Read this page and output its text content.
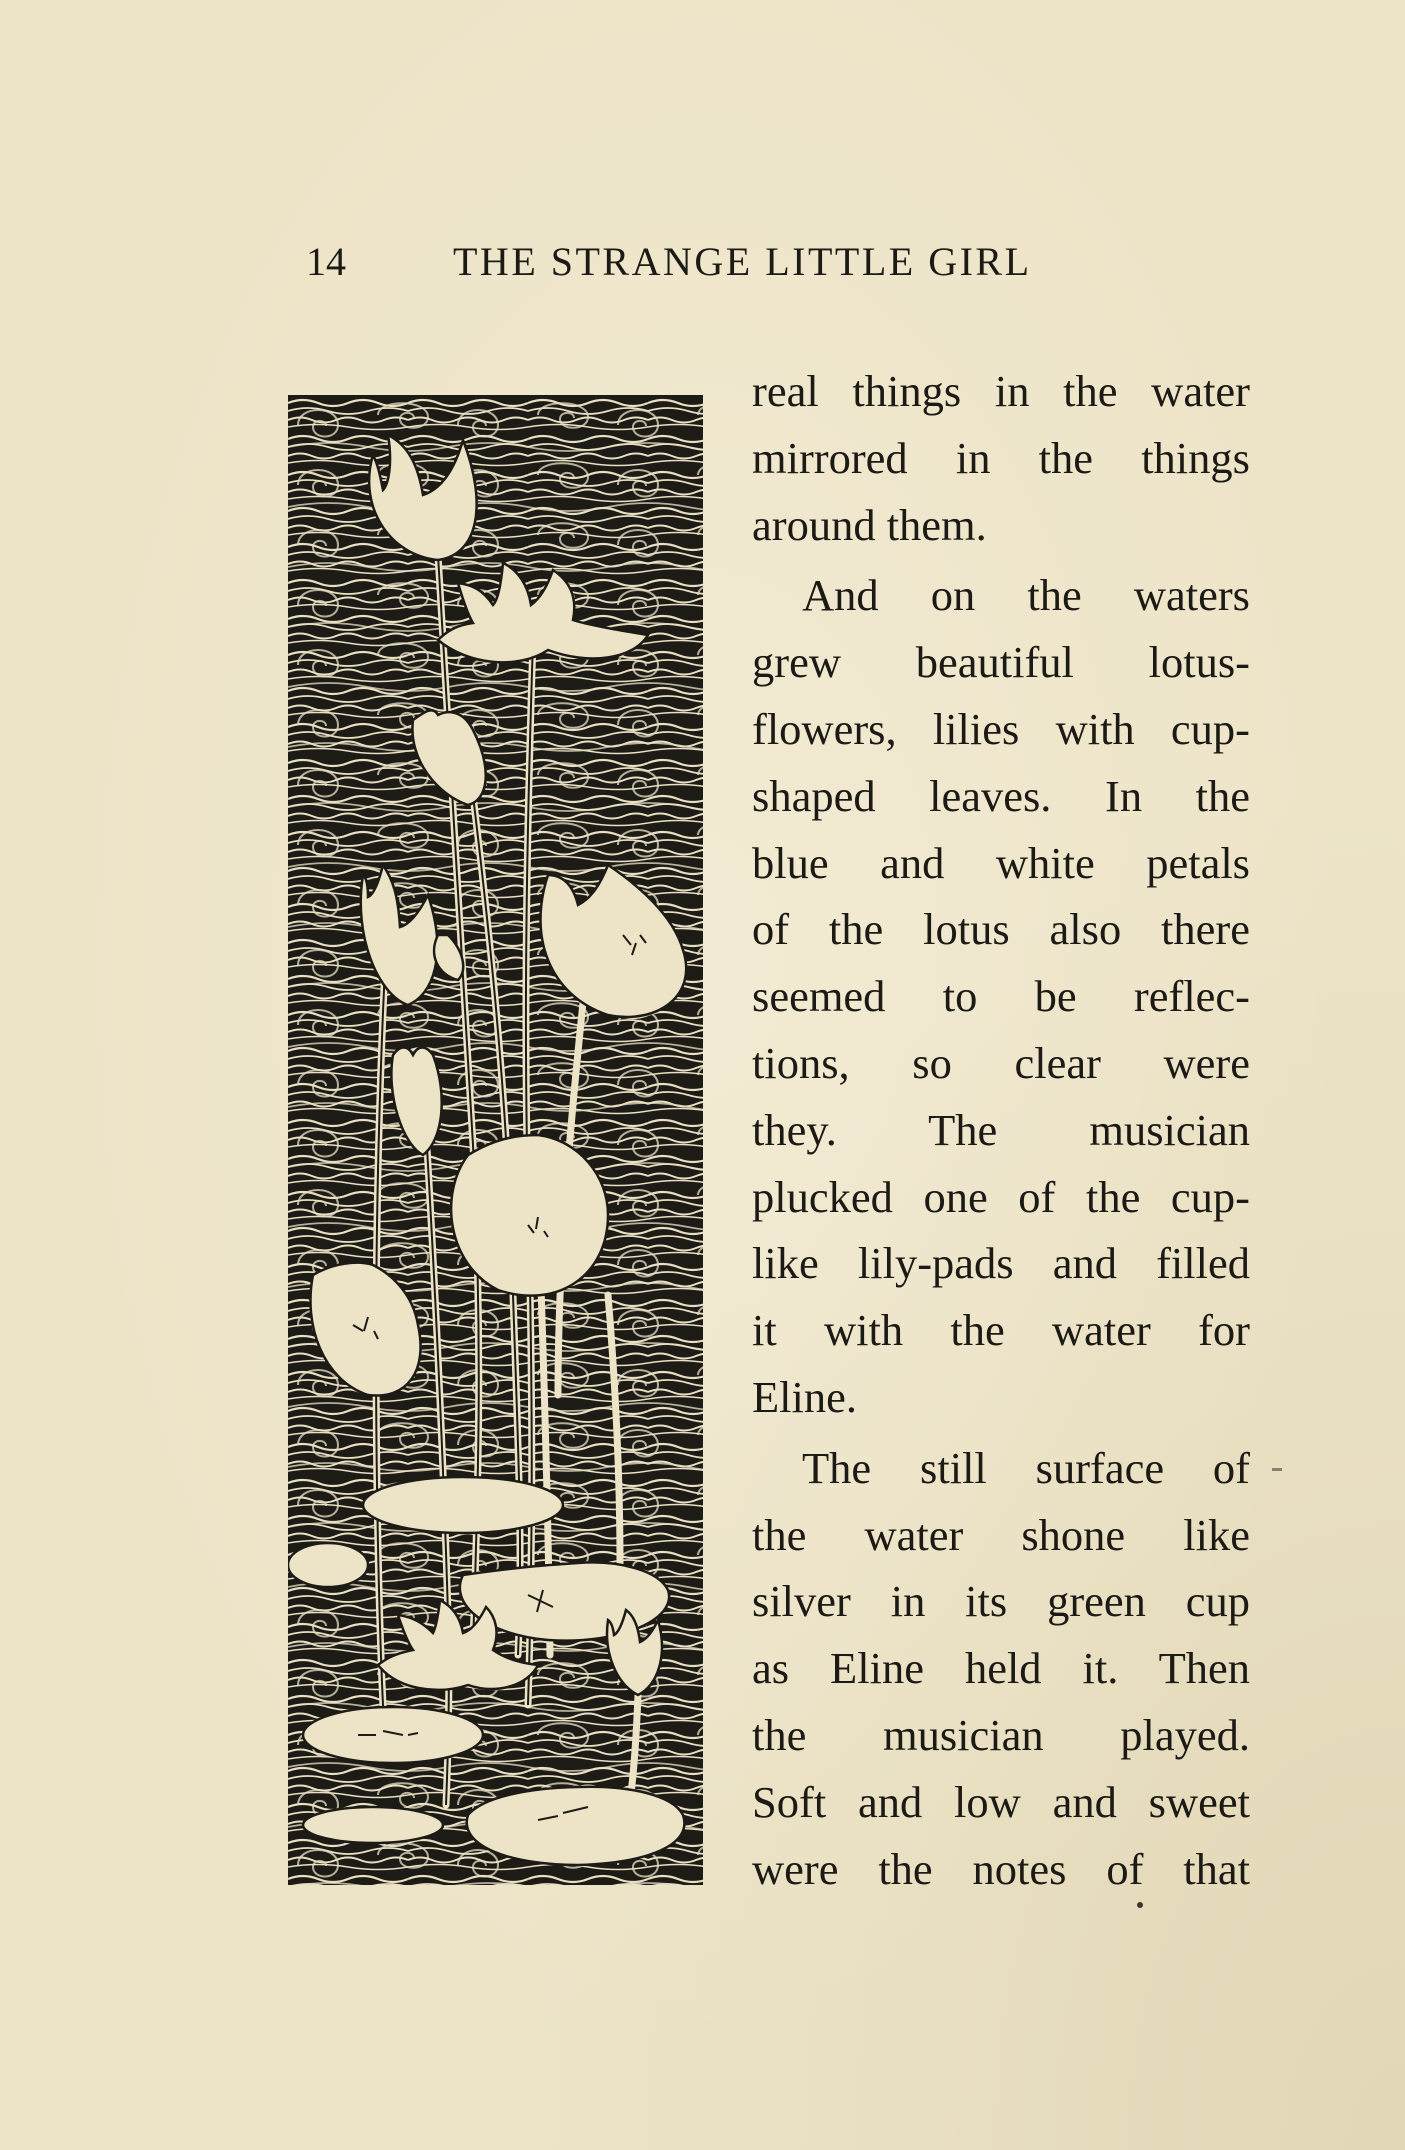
14	THE STRANGE LITTLE GIRL
real things in the water
mirrored in the things
around them.
And on the waters
grew beautiful lotus-
flowers, lilies with cup-
shaped leaves. In the
blue and white petals
of the lotus also there
seemed to be reflec-
tions, so clear were
they. The musician
plucked one of the cup-
like lily-pads and filled
it with the water for
Eline.
The still surface of
the water shone like
silver in its green cup
as Eline held it. Then
the musician played.
Soft and low and sweet
were the notes of that
